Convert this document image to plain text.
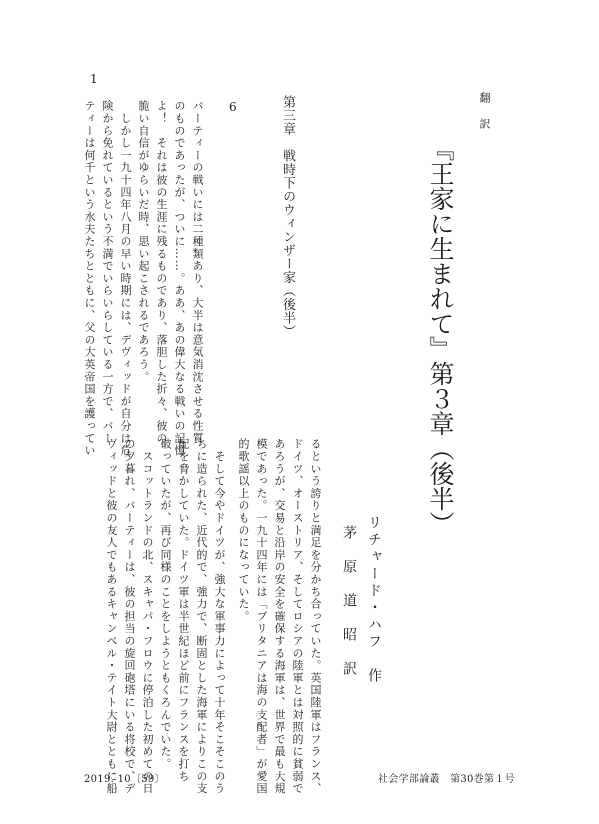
翻　訳
『王家に生まれて』第３章（後半）
リチャード・ハフ　作
茅　原　道　昭　訳
第三章　戦時下のウィンザー家（後半）
6
1
バーティーの戦いには二種類あり、大半は意気消沈させる性質
のものであったが、ついに……。ああ、あの偉大なる戦いの記憶
よ！　それは彼の生涯に残るものであり、落胆した折々、彼の
脆い自信がゆらいだ時、思い起こされるであろう。
　しかし一九十四年八月の早い時期には、デヴィッドが自分は危
険から免れているという不満でいらいらしている一方で、バー
ティーは何千という水夫たちとともに、父の大英帝国を護ってい
るという誇りと満足を分かち合っていた。英国陸軍はフランス、
ドイツ、オーストリア、そしてロシアの陸軍とは対照的に貧弱で
あろうが、交易と沿岸の安全を確保する海軍は、世界で最も大規
模であった。一九十四年には「ブリタニアは海の支配者」が愛国
的歌謡以上のものになっていた。
　そして今やドイツが、強大な軍事力によって十年そこそこのう
ちに造られた、近代的で、強力で、断固とした海軍によりこの支
配を脅かしていた。ドイツ軍は半世紀ほど前にフランスを打ち
破っていたが、再び同様のことをしようともくろんでいた。
　スコットランドの北、スキャパ・フロウに停泊した初めての日
の夕暮れ、バーティーは、彼の担当の旋回砲塔にいる将校で、デ
ヴィッドと彼の友人でもあるキャンベル・テイト大尉とともに船
2019. 10〔59〕	社会学部論叢　第30巻第１号
